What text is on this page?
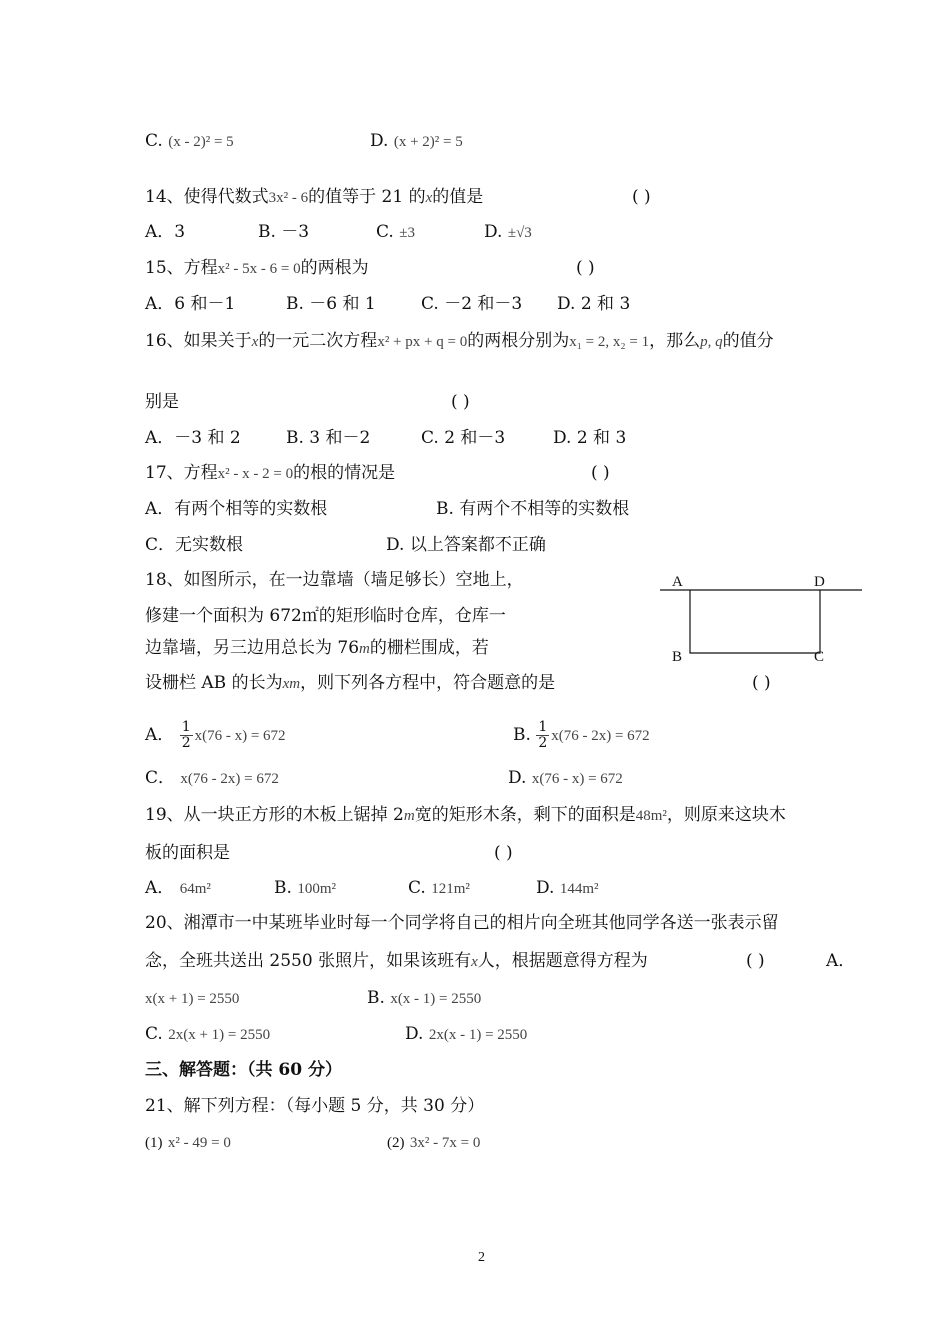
C. (x - 2)² = 5	D. (x + 2)² = 5
14、使得代数式3x² - 6的值等于 21 的x的值是	( )
A．3	B. －3	C. ±3	D. ±√3
15、方程x² - 5x - 6 = 0的两根为	( )
A．6 和－1	B. －6 和 1	C. －2 和－3 D. 2 和 3
16、如果关于x的一元二次方程x² + px + q = 0的两根分别为x₁ = 2, x₂ = 1，那么p, q的值分
别是	( )
A．－3 和 2	B. 3 和－2	C. 2 和－3	D. 2 和 3
17、方程x² - x - 2 = 0的根的情况是	( )
A．有两个相等的实数根	B. 有两个不相等的实数根
C．无实数根	D. 以上答案都不正确
18、如图所示，在一边靠墙（墙足够长）空地上，
修建一个面积为 672㎡的矩形临时仓库，仓库一
边靠墙，另三边用总长为 76m的栅栏围成，若
设栅栏 AB 的长为xm，则下列各方程中，符合题意的是	( )
A	D
B	C
A． $\frac{1}{2} x(76 - x) = 672$	B. $\frac{1}{2} x(76 - 2x) = 672$
C． x(76 - 2x) = 672	D. x(76 - x) = 672
19、从一块正方形的木板上锯掉 2m宽的矩形木条，剩下的面积是48m²，则原来这块木
板的面积是	( )
A． 64m²	B. 100m²	C. 121m²	D. 144m²
20、湘潭市一中某班毕业时每一个同学将自己的相片向全班其他同学各送一张表示留
念，全班共送出 2550 张照片，如果该班有x人，根据题意得方程为	( )	A．
x(x + 1) = 2550	B. x(x - 1) = 2550
C. 2x(x + 1) = 2550	D. 2x(x - 1) = 2550
三、解答题：（共 60 分）
21、解下列方程：（每小题 5 分，共 30 分）
(1) x² - 49 = 0	(2) 3x² - 7x = 0
2
